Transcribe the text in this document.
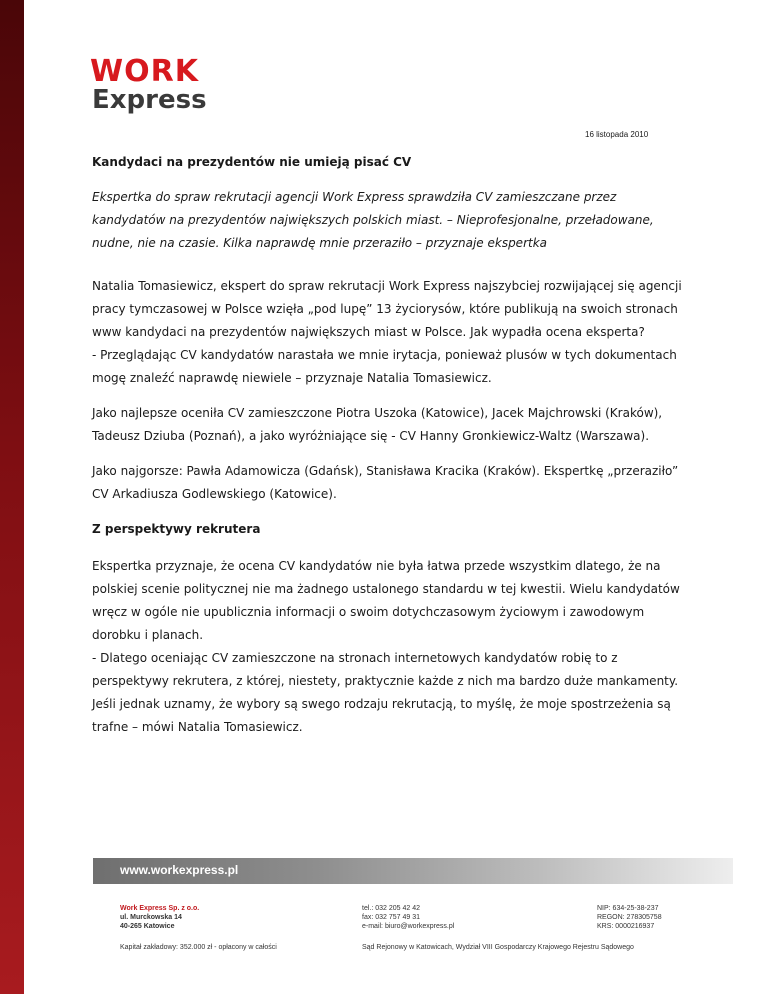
WORK
Express
16 listopada 2010

Kandydaci na prezydentów nie umieją pisać CV

Ekspertka do spraw rekrutacji agencji Work Express sprawdziła CV zamieszczane przez kandydatów na prezydentów największych polskich miast. – Nieprofesjonalne, przeładowane, nudne, nie na czasie. Kilka naprawdę mnie przeraziło – przyznaje ekspertka

Natalia Tomasiewicz, ekspert do spraw rekrutacji Work Express najszybciej rozwijającej się agencji pracy tymczasowej w Polsce wzięła „pod lupę” 13 życiorysów, które publikują na swoich stronach www kandydaci na prezydentów największych miast w Polsce. Jak wypadła ocena eksperta?

- Przeglądając CV kandydatów narastała we mnie irytacja, ponieważ plusów w tych dokumentach mogę znaleźć naprawdę niewiele – przyznaje Natalia Tomasiewicz.

Jako najlepsze oceniła CV zamieszczone Piotra Uszoka (Katowice), Jacek Majchrowski (Kraków), Tadeusz Dziuba (Poznań), a jako wyróżniające się - CV Hanny Gronkiewicz-Waltz (Warszawa).

Jako najgorsze: Pawła Adamowicza (Gdańsk), Stanisława Kracika (Kraków). Ekspertkę „przeraziło” CV Arkadiusza Godlewskiego (Katowice).

Z perspektywy rekrutera

Ekspertka przyznaje, że ocena CV kandydatów nie była łatwa przede wszystkim dlatego, że na polskiej scenie politycznej nie ma żadnego ustalonego standardu w tej kwestii. Wielu kandydatów wręcz w ogóle nie upublicznia informacji o swoim dotychczasowym życiowym i zawodowym dorobku i planach.

- Dlatego oceniając CV zamieszczone na stronach internetowych kandydatów robię to z perspektywy rekrutera, z której, niestety, praktycznie każde z nich ma bardzo duże mankamenty. Jeśli jednak uznamy, że wybory są swego rodzaju rekrutacją, to myślę, że moje spostrzeżenia są trafne – mówi Natalia Tomasiewicz.

www.workexpress.pl
Work Express Sp. z o.o.
ul. Murckowska 14
40-265 Katowice
tel.: 032 205 42 42
fax: 032 757 49 31
e-mail: biuro@workexpress.pl
NIP: 634-25-38-237
REGON: 278305758
KRS: 0000216937
Kapitał zakładowy: 352.000 zł - opłacony w całości	Sąd Rejonowy w Katowicach, Wydział VIII Gospodarczy Krajowego Rejestru Sądowego
